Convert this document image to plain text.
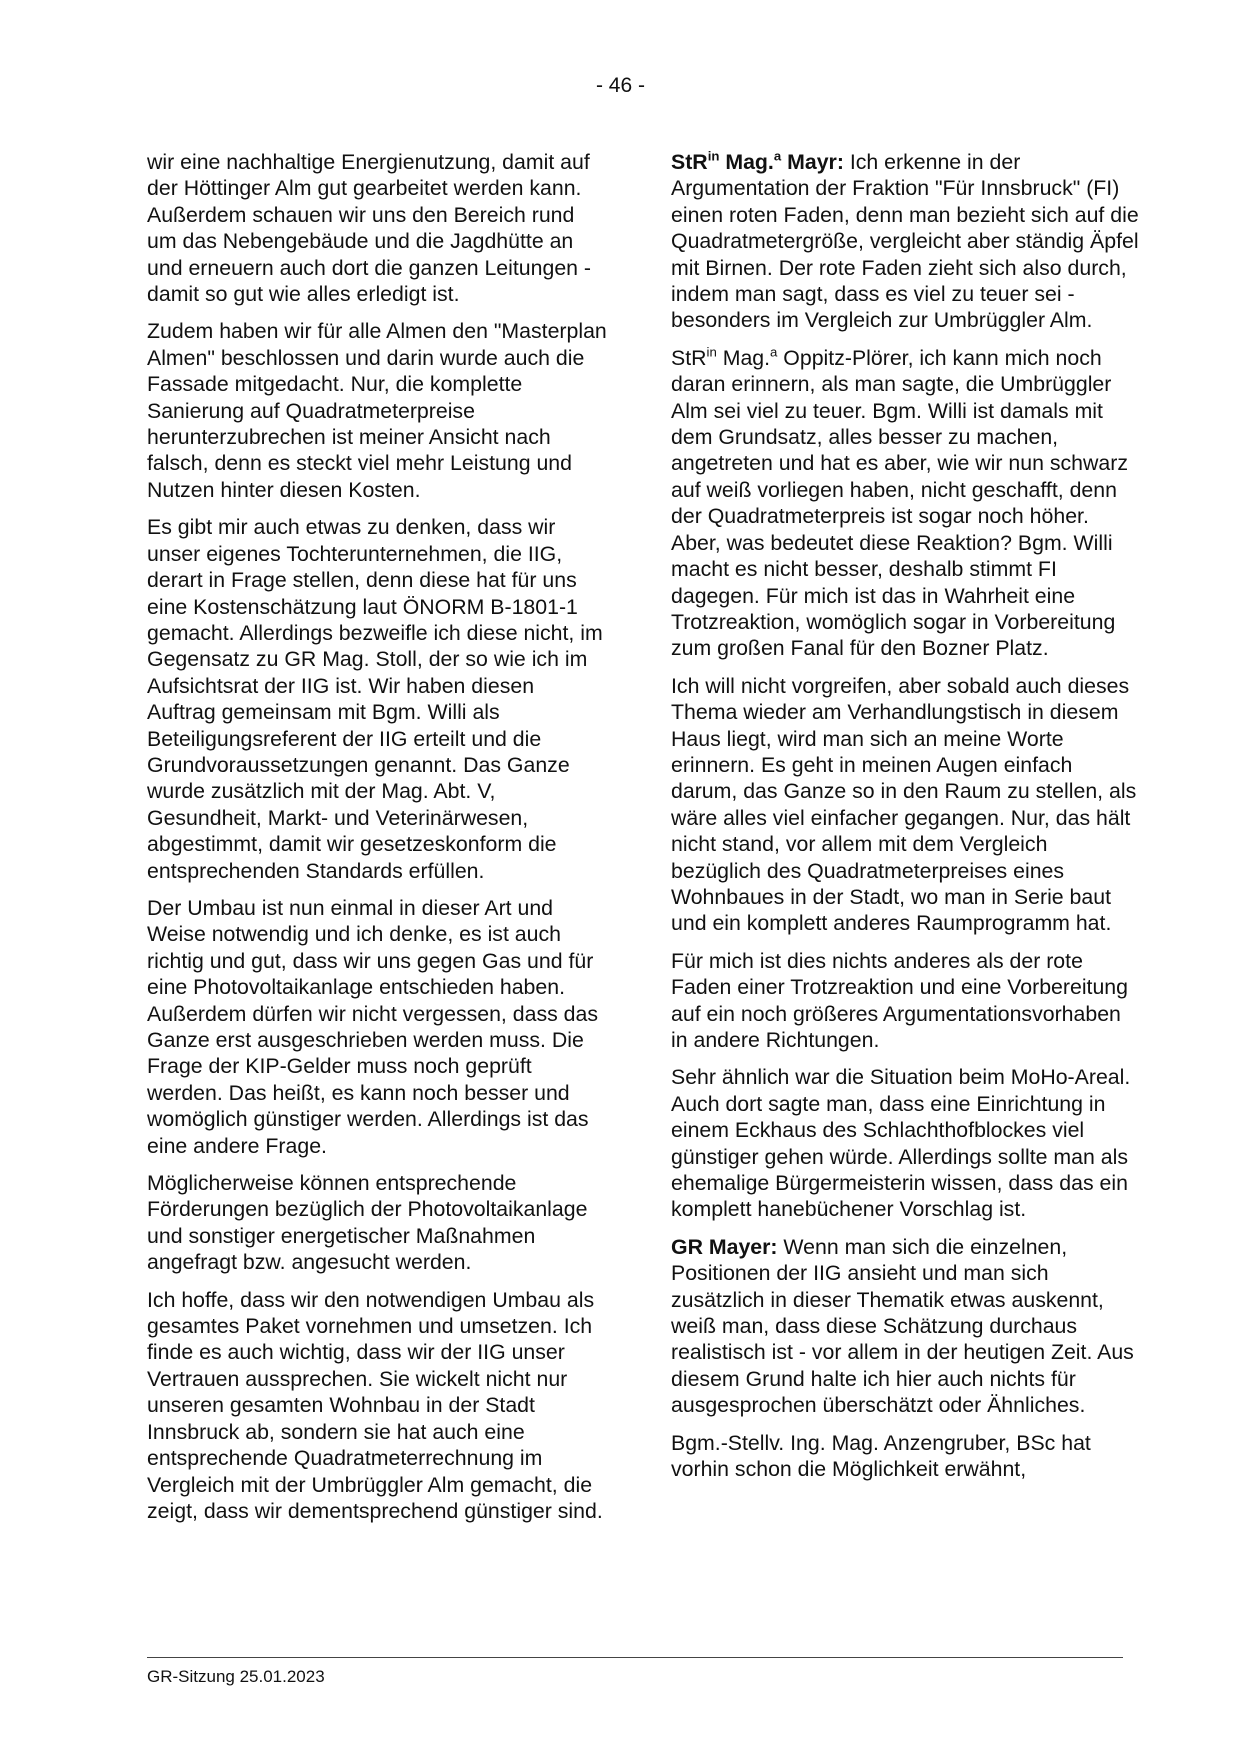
- 46 -

wir eine nachhaltige Energienutzung, damit auf der Höttinger Alm gut gearbeitet werden kann. Außerdem schauen wir uns den Bereich rund um das Nebengebäude und die Jagdhütte an und erneuern auch dort die ganzen Leitungen - damit so gut wie alles erledigt ist.

Zudem haben wir für alle Almen den "Masterplan Almen" beschlossen und darin wurde auch die Fassade mitgedacht. Nur, die komplette Sanierung auf Quadratmeterpreise herunterzubrechen ist meiner Ansicht nach falsch, denn es steckt viel mehr Leistung und Nutzen hinter diesen Kosten.

Es gibt mir auch etwas zu denken, dass wir unser eigenes Tochterunternehmen, die IIG, derart in Frage stellen, denn diese hat für uns eine Kostenschätzung laut ÖNORM B-1801-1 gemacht. Allerdings bezweifle ich diese nicht, im Gegensatz zu GR Mag. Stoll, der so wie ich im Aufsichtsrat der IIG ist. Wir haben diesen Auftrag gemeinsam mit Bgm. Willi als Beteiligungsreferent der IIG erteilt und die Grundvoraussetzungen genannt. Das Ganze wurde zusätzlich mit der Mag. Abt. V, Gesundheit, Markt- und Veterinärwesen, abgestimmt, damit wir gesetzeskonform die entsprechenden Standards erfüllen.

Der Umbau ist nun einmal in dieser Art und Weise notwendig und ich denke, es ist auch richtig und gut, dass wir uns gegen Gas und für eine Photovoltaikanlage entschieden haben. Außerdem dürfen wir nicht vergessen, dass das Ganze erst ausgeschrieben werden muss. Die Frage der KIP-Gelder muss noch geprüft werden. Das heißt, es kann noch besser und womöglich günstiger werden. Allerdings ist das eine andere Frage.

Möglicherweise können entsprechende Förderungen bezüglich der Photovoltaikanlage und sonstiger energetischer Maßnahmen angefragt bzw. angesucht werden.

Ich hoffe, dass wir den notwendigen Umbau als gesamtes Paket vornehmen und umsetzen. Ich finde es auch wichtig, dass wir der IIG unser Vertrauen aussprechen. Sie wickelt nicht nur unseren gesamten Wohnbau in der Stadt Innsbruck ab, sondern sie hat auch eine entsprechende Quadratmeterrechnung im Vergleich mit der Umbrüggler Alm gemacht, die zeigt, dass wir dementsprechend günstiger sind.

StR$^{in}$ Mag.$^a$ Mayr: Ich erkenne in der Argumentation der Fraktion "Für Innsbruck" (FI) einen roten Faden, denn man bezieht sich auf die Quadratmetergröße, vergleicht aber ständig Äpfel mit Birnen. Der rote Faden zieht sich also durch, indem man sagt, dass es viel zu teuer sei - besonders im Vergleich zur Umbrüggler Alm.

StR$^{in}$ Mag.$^a$ Oppitz-Plörer, ich kann mich noch daran erinnern, als man sagte, die Umbrüggler Alm sei viel zu teuer. Bgm. Willi ist damals mit dem Grundsatz, alles besser zu machen, angetreten und hat es aber, wie wir nun schwarz auf weiß vorliegen haben, nicht geschafft, denn der Quadratmeterpreis ist sogar noch höher. Aber, was bedeutet diese Reaktion? Bgm. Willi macht es nicht besser, deshalb stimmt FI dagegen. Für mich ist das in Wahrheit eine Trotzreaktion, womöglich sogar in Vorbereitung zum großen Fanal für den Bozner Platz.

Ich will nicht vorgreifen, aber sobald auch dieses Thema wieder am Verhandlungstisch in diesem Haus liegt, wird man sich an meine Worte erinnern. Es geht in meinen Augen einfach darum, das Ganze so in den Raum zu stellen, als wäre alles viel einfacher gegangen. Nur, das hält nicht stand, vor allem mit dem Vergleich bezüglich des Quadratmeterpreises eines Wohnbaues in der Stadt, wo man in Serie baut und ein komplett anderes Raumprogramm hat.

Für mich ist dies nichts anderes als der rote Faden einer Trotzreaktion und eine Vorbereitung auf ein noch größeres Argumentationsvorhaben in andere Richtungen.

Sehr ähnlich war die Situation beim MoHo-Areal. Auch dort sagte man, dass eine Einrichtung in einem Eckhaus des Schlachthofblockes viel günstiger gehen würde. Allerdings sollte man als ehemalige Bürgermeisterin wissen, dass das ein komplett hanebüchener Vorschlag ist.

GR Mayer: Wenn man sich die einzelnen, Positionen der IIG ansieht und man sich zusätzlich in dieser Thematik etwas auskennt, weiß man, dass diese Schätzung durchaus realistisch ist - vor allem in der heutigen Zeit. Aus diesem Grund halte ich hier auch nichts für ausgesprochen überschätzt oder Ähnliches.

Bgm.-Stellv. Ing. Mag. Anzengruber, BSc hat vorhin schon die Möglichkeit erwähnt,

GR-Sitzung 25.01.2023
